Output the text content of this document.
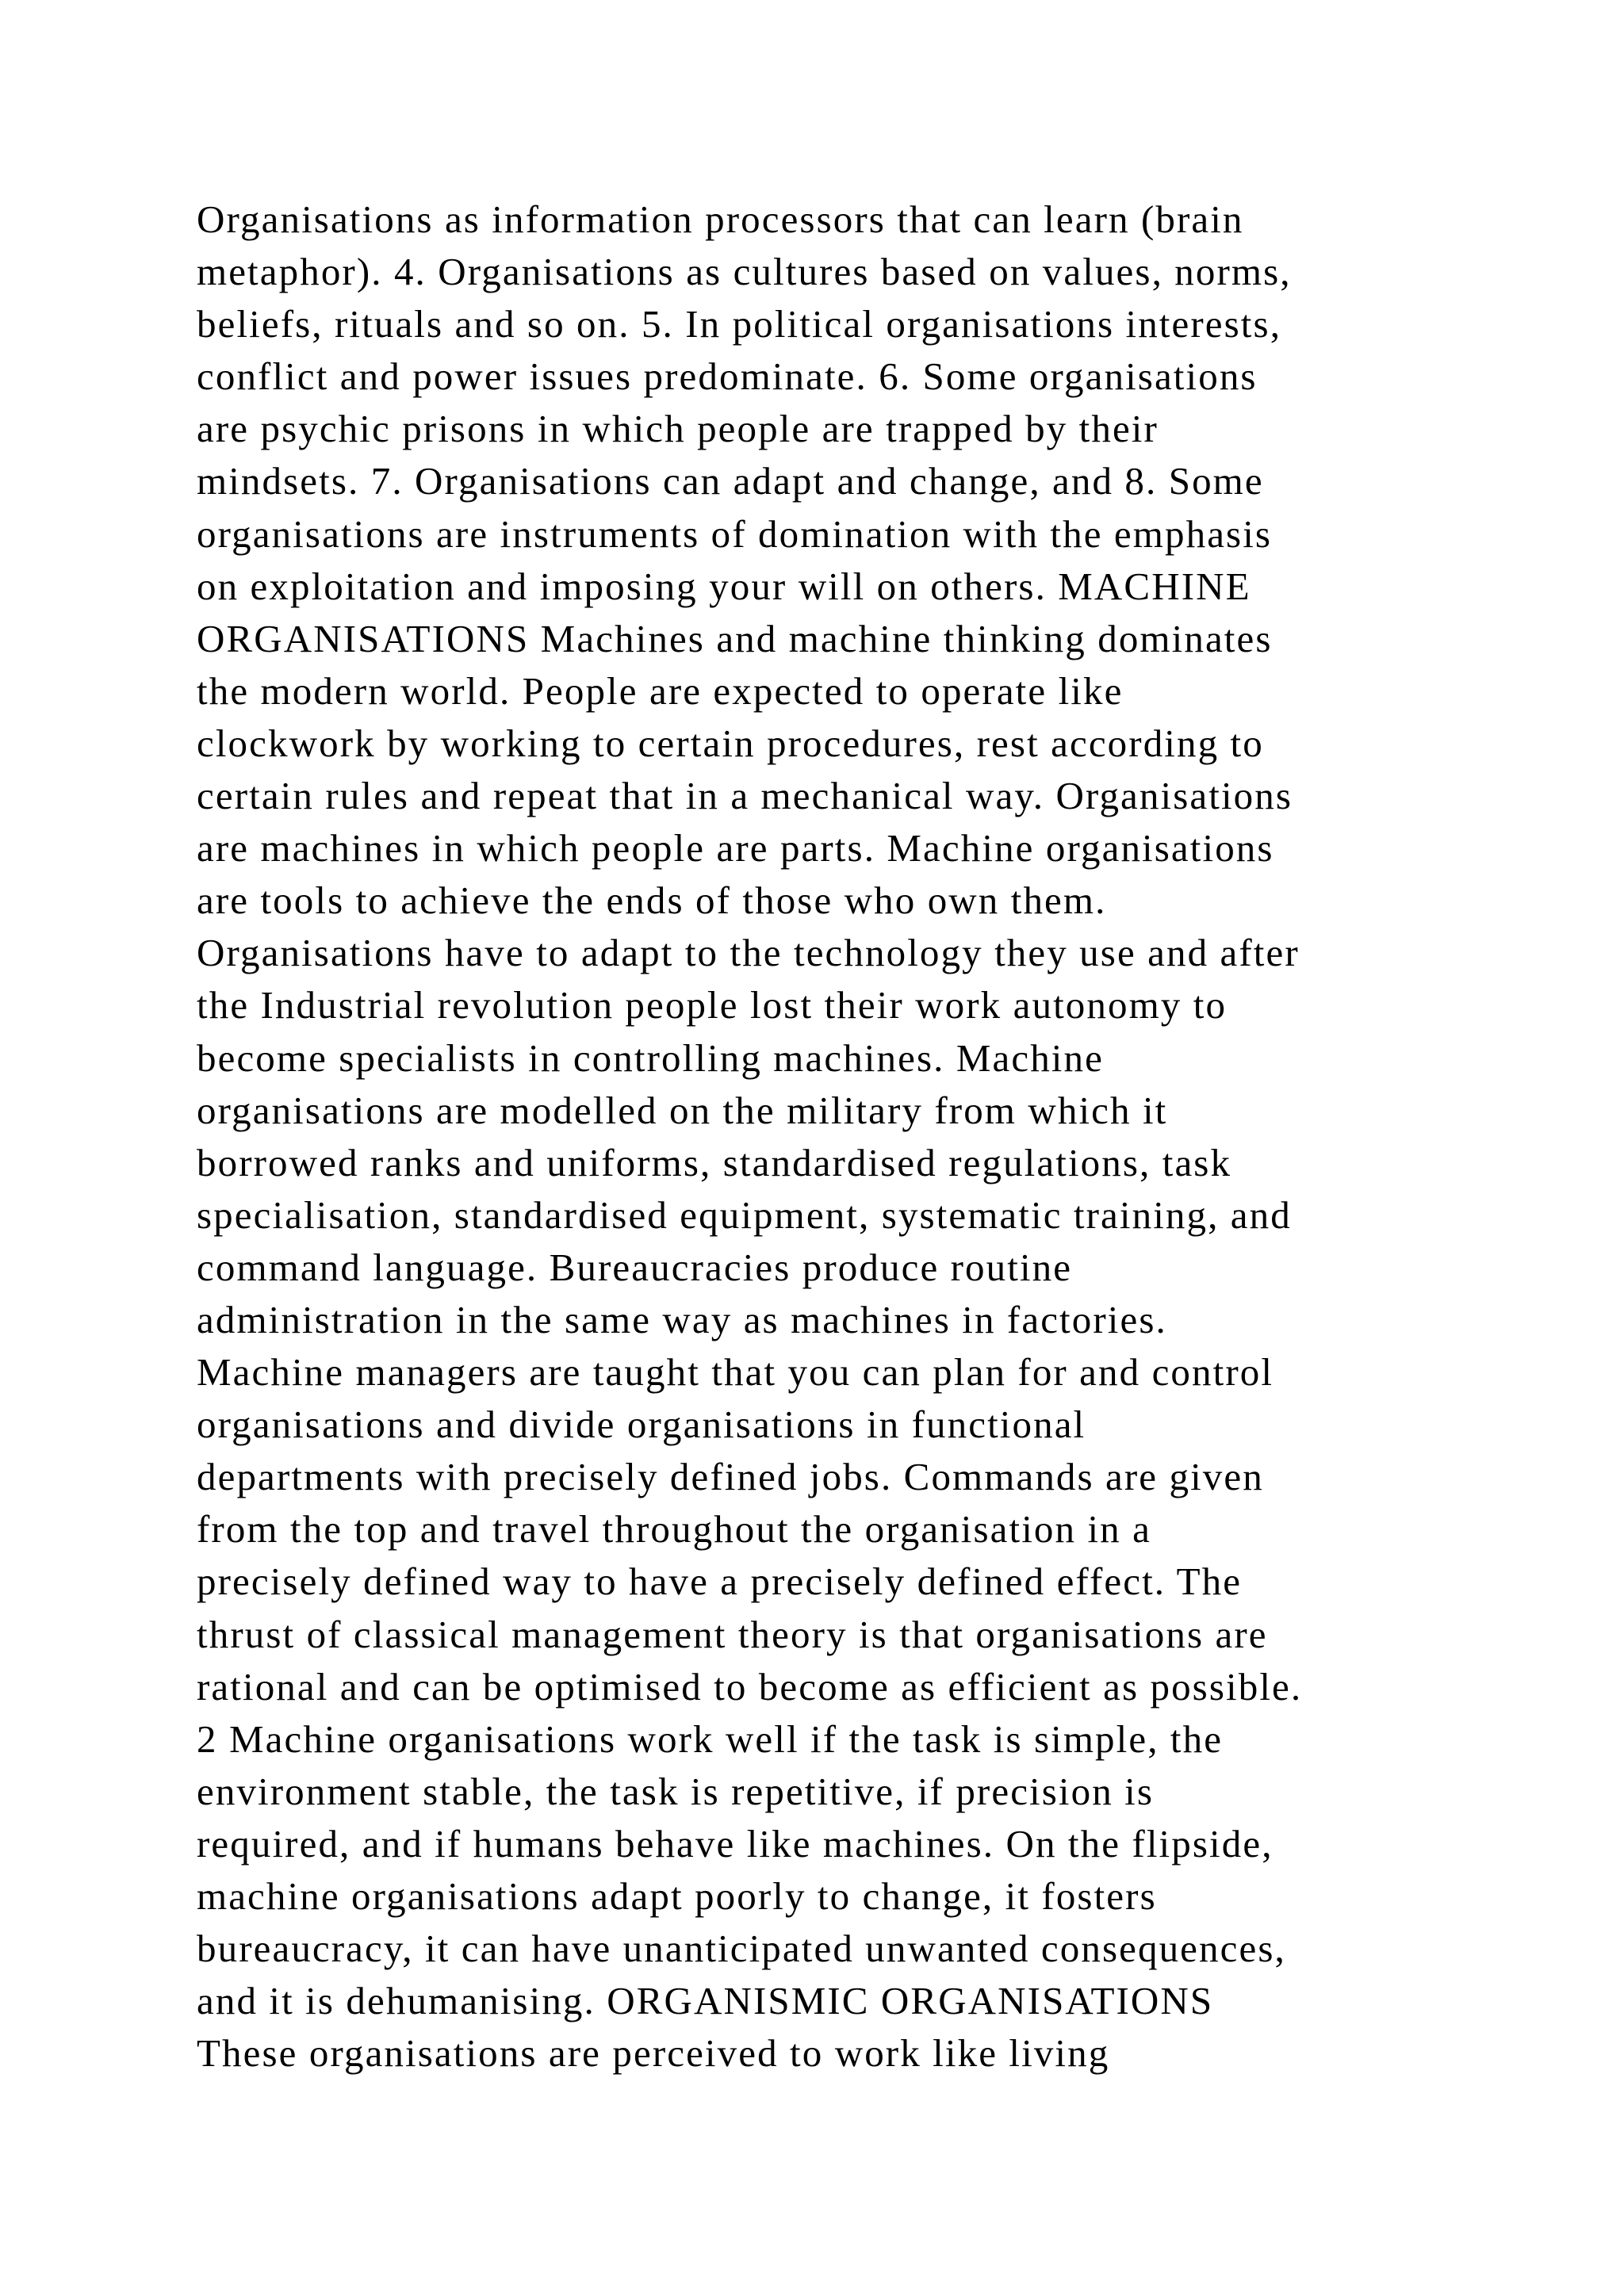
Organisations as information processors that can learn (brain
metaphor). 4. Organisations as cultures based on values, norms,
beliefs, rituals and so on. 5. In political organisations interests,
conflict and power issues predominate. 6. Some organisations
are psychic prisons in which people are trapped by their
mindsets. 7. Organisations can adapt and change, and 8. Some
organisations are instruments of domination with the emphasis
on exploitation and imposing your will on others. MACHINE
ORGANISATIONS Machines and machine thinking dominates
the modern world. People are expected to operate like
clockwork by working to certain procedures, rest according to
certain rules and repeat that in a mechanical way. Organisations
are machines in which people are parts. Machine organisations
are tools to achieve the ends of those who own them.
Organisations have to adapt to the technology they use and after
the Industrial revolution people lost their work autonomy to
become specialists in controlling machines. Machine
organisations are modelled on the military from which it
borrowed ranks and uniforms, standardised regulations, task
specialisation, standardised equipment, systematic training, and
command language. Bureaucracies produce routine
administration in the same way as machines in factories.
Machine managers are taught that you can plan for and control
organisations and divide organisations in functional
departments with precisely defined jobs. Commands are given
from the top and travel throughout the organisation in a
precisely defined way to have a precisely defined effect. The
thrust of classical management theory is that organisations are
rational and can be optimised to become as efficient as possible.
2 Machine organisations work well if the task is simple, the
environment stable, the task is repetitive, if precision is
required, and if humans behave like machines. On the flipside,
machine organisations adapt poorly to change, it fosters
bureaucracy, it can have unanticipated unwanted consequences,
and it is dehumanising. ORGANISMIC ORGANISATIONS
These organisations are perceived to work like living
